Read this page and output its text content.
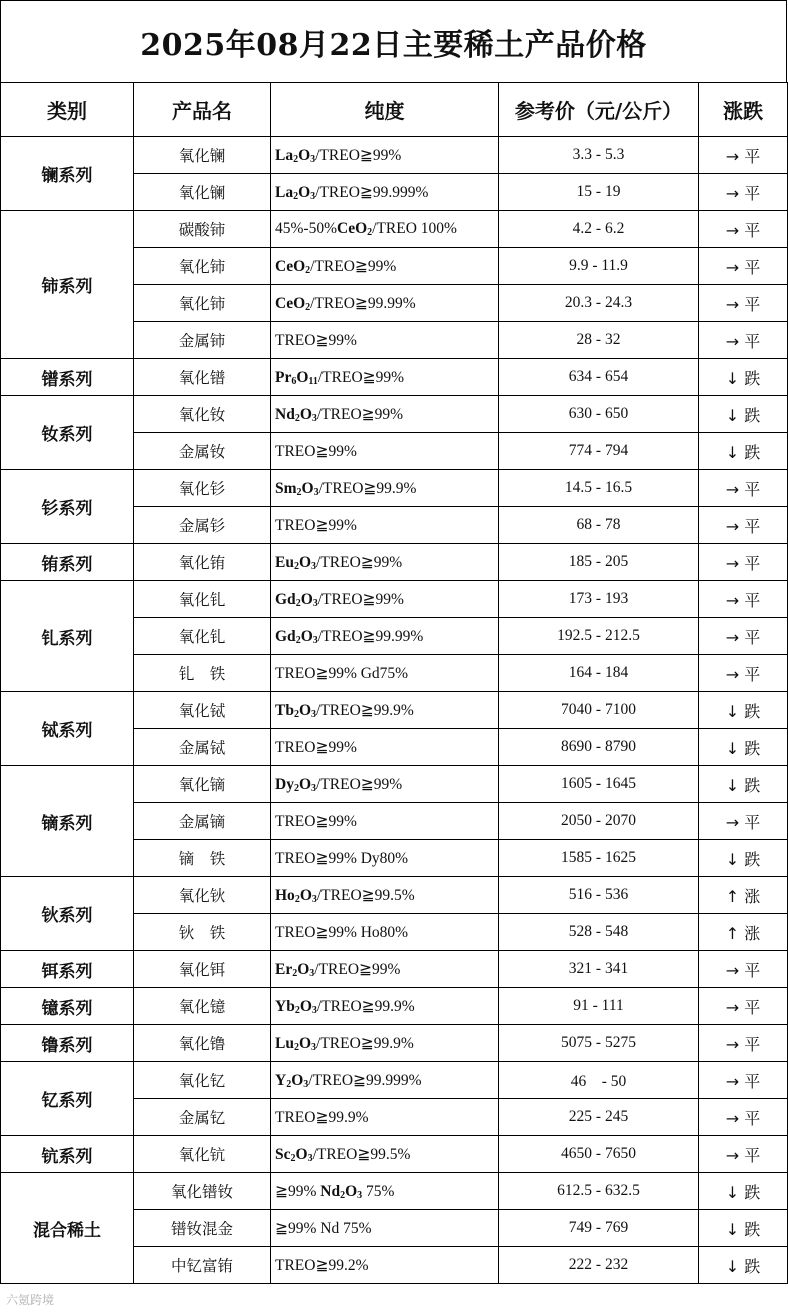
2025年08月22日主要稀土产品价格
类别	产品名	纯度	参考价（元/公斤）	涨跌
镧系列	氧化镧	$La_2O_3/TREO≧99\%$	3.3 - 5.3	→ 平
	氧化镧	$La_2O_3/TREO≧99.999\%$	15 - 19	→ 平
铈系列	碳酸铈	45%-50%CeO$_2$/TREO 100%	4.2 - 6.2	→ 平
	氧化铈	CeO$_2$/TREO≧99%	9.9 - 11.9	→ 平
	氧化铈	CeO$_2$/TREO≧99.99%	20.3 - 24.3	→ 平
	金属铈	TREO≧99%	28 - 32	→ 平
镨系列	氧化镨	$Pr_6O_{11}/TREO≧99\%$	634 - 654	↓ 跌
钕系列	氧化钕	$Nd_2O_3/TREO≧99\%$	630 - 650	↓ 跌
	金属钕	TREO≧99%	774 - 794	↓ 跌
钐系列	氧化钐	$Sm_2O_3/TREO≧99.9\%$	14.5 - 16.5	→ 平
	金属钐	TREO≧99%	68 - 78	→ 平
铕系列	氧化铕	$Eu_2O_3/TREO≧99\%$	185 - 205	→ 平
钆系列	氧化钆	$Gd_2O_3/TREO≧99\%$	173 - 193	→ 平
	氧化钆	$Gd_2O_3/TREO≧99.99\%$	192.5 - 212.5	→ 平
	钆　铁	TREO≧99% Gd75%	164 - 184	→ 平
铽系列	氧化铽	$Tb_2O_3/TREO≧99.9\%$	7040 - 7100	↓ 跌
	金属铽	TREO≧99%	8690 - 8790	↓ 跌
镝系列	氧化镝	$Dy_2O_3/TREO≧99\%$	1605 - 1645	↓ 跌
	金属镝	TREO≧99%	2050 - 2070	→ 平
	镝　铁	TREO≧99% Dy80%	1585 - 1625	↓ 跌
钬系列	氧化钬	$Ho_2O_3/TREO≧99.5\%$	516 - 536	↑ 涨
	钬　铁	TREO≧99% Ho80%	528 - 548	↑ 涨
铒系列	氧化铒	$Er_2O_3/TREO≧99\%$	321 - 341	→ 平
镱系列	氧化镱	$Yb_2O_3/TREO≧99.9\%$	91 - 111	→ 平
镥系列	氧化镥	$Lu_2O_3/TREO≧99.9\%$	5075 - 5275	→ 平
钇系列	氧化钇	$Y_2O_3/TREO≧99.999\%$	46　- 50	→ 平
	金属钇	TREO≧99.9%	225 - 245	→ 平
钪系列	氧化钪	$Sc_2O_3/TREO≧99.5\%$	4650 - 7650	→ 平
混合稀土	氧化镨钕	≧99% $Nd_2O_3$ 75%	612.5 - 632.5	↓ 跌
	镨钕混金	≧99% Nd 75%	749 - 769	↓ 跌
	中钇富铕	TREO≧99.2%	222 - 232	↓ 跌
六氪跨境
